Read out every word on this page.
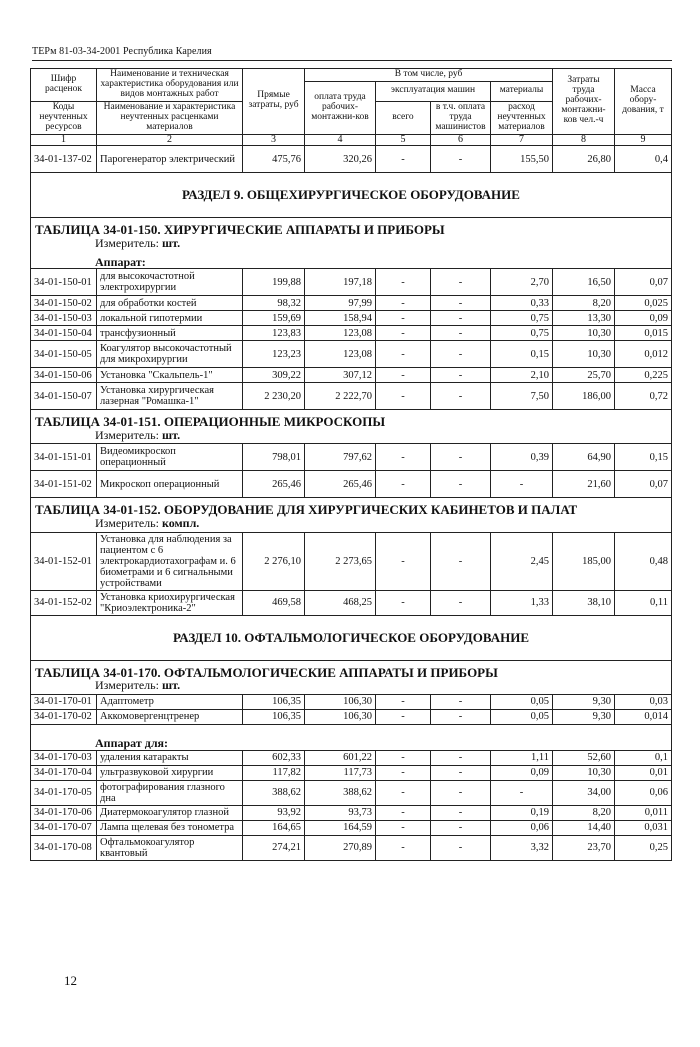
ТЕРм 81-03-34-2001 Республика Карелия
Шифр расценок	Наименование и техническая характеристика оборудования или видов монтажных работ	Прямые затраты, руб	В том числе, руб				Затраты труда рабочих-монтажни-ков чел.-ч	Масса обору-дования, т
			оплата труда рабочих-монтажни-ков	эксплуатация машин		материалы		
Коды неучтенных ресурсов	Наименование и характеристика неучтенных расценками материалов			всего	в т.ч. оплата труда машинистов	расход неучтенных материалов		

1	2	3	4	5	6	7	8	9
34-01-137-02	Парогенератор электрический	475,76	320,26	-	-	155,50	26,80	0,4
РАЗДЕЛ 9. ОБЩЕХИРУРГИЧЕСКОЕ ОБОРУДОВАНИЕ								
ТАБЛИЦА 34-01-150. ХИРУРГИЧЕСКИЕ АППАРАТЫ И ПРИБОРЫ								
Измеритель: шт.								
Аппарат:								
34-01-150-01	для высокочастотной электрохирургии	199,88	197,18	-	-	2,70	16,50	0,07
34-01-150-02	для обработки костей	98,32	97,99	-	-	0,33	8,20	0,025
34-01-150-03	локальной гипотермии	159,69	158,94	-	-	0,75	13,30	0,09
34-01-150-04	трансфузионный	123,83	123,08	-	-	0,75	10,30	0,015
34-01-150-05	Коагулятор высокочастотный для микрохирургии	123,23	123,08	-	-	0,15	10,30	0,012
34-01-150-06	Установка "Скальпель-1"	309,22	307,12	-	-	2,10	25,70	0,225
34-01-150-07	Установка хирургическая лазерная "Ромашка-1"	2 230,20	2 222,70	-	-	7,50	186,00	0,72
ТАБЛИЦА 34-01-151. ОПЕРАЦИОННЫЕ МИКРОСКОПЫ								
Измеритель: шт.								
34-01-151-01	Видеомикроскоп операционный	798,01	797,62	-	-	0,39	64,90	0,15
34-01-151-02	Микроскоп операционный	265,46	265,46	-	-	-	21,60	0,07
ТАБЛИЦА 34-01-152. ОБОРУДОВАНИЕ ДЛЯ ХИРУРГИЧЕСКИХ КАБИНЕТОВ И ПАЛАТ								
Измеритель: компл.								
34-01-152-01	Установка для наблюдения за пациентом с 6 электрокардиотахографам и. 6 биометрами и 6 сигнальными устройствами	2 276,10	2 273,65	-	-	2,45	185,00	0,48
34-01-152-02	Установка криохирургическая "Криоэлектроника-2"	469,58	468,25	-	-	1,33	38,10	0,11
РАЗДЕЛ 10. ОФТАЛЬМОЛОГИЧЕСКОЕ ОБОРУДОВАНИЕ								
ТАБЛИЦА 34-01-170. ОФТАЛЬМОЛОГИЧЕСКИЕ АППАРАТЫ И ПРИБОРЫ								
Измеритель: шт.								
34-01-170-01	Адаптометр	106,35	106,30	-	-	0,05	9,30	0,03
34-01-170-02	Аккомовергенцтренер	106,35	106,30	-	-	0,05	9,30	0,014

Аппарат для:								
34-01-170-03	удаления катаракты	602,33	601,22	-	-	1,11	52,60	0,1
34-01-170-04	ультразвуковой хирургии	117,82	117,73	-	-	0,09	10,30	0,01
34-01-170-05	фотографирования глазного дна	388,62	388,62	-	-	-	34,00	0,06
34-01-170-06	Диатермокоагулятор глазной	93,92	93,73	-	-	0,19	8,20	0,011
34-01-170-07	Лампа щелевая без тонометра	164,65	164,59	-	-	0,06	14,40	0,031
34-01-170-08	Офтальмокоагулятор квантовый	274,21	270,89	-	-	3,32	23,70	0,25
12
